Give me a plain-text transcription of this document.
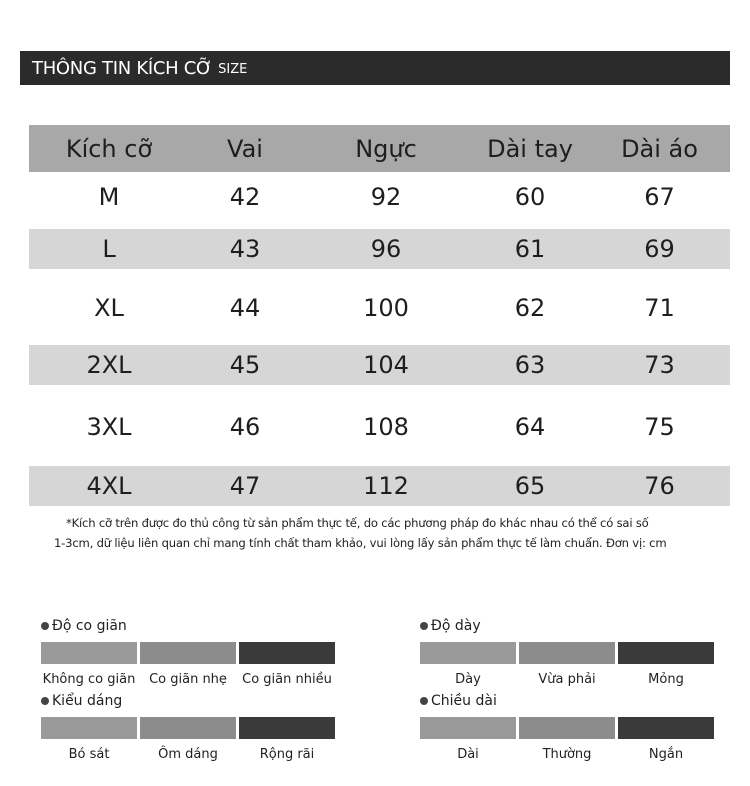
THÔNG TIN KÍCH CỠ SIZE
Kích cỡ	Vai	Ngực	Dài tay	Dài áo
M	42	92	60	67
L	43	96	61	69
XL	44	100	62	71
2XL	45	104	63	73
3XL	46	108	64	75
4XL	47	112	65	76
*Kích cỡ trên được đo thủ công từ sản phẩm thực tế, do các phương pháp đo khác nhau có thể có sai số
1-3cm, dữ liệu liên quan chỉ mang tính chất tham khảo, vui lòng lấy sản phẩm thực tế làm chuẩn. Đơn vị: cm
Độ co giãn
Không co giãn	Co giãn nhẹ	Co giãn nhiều
Kiểu dáng
Bó sát	Ôm dáng	Rộng rãi
Độ dày
Dày	Vừa phải	Mỏng
Chiều dài
Dài	Thường	Ngắn
